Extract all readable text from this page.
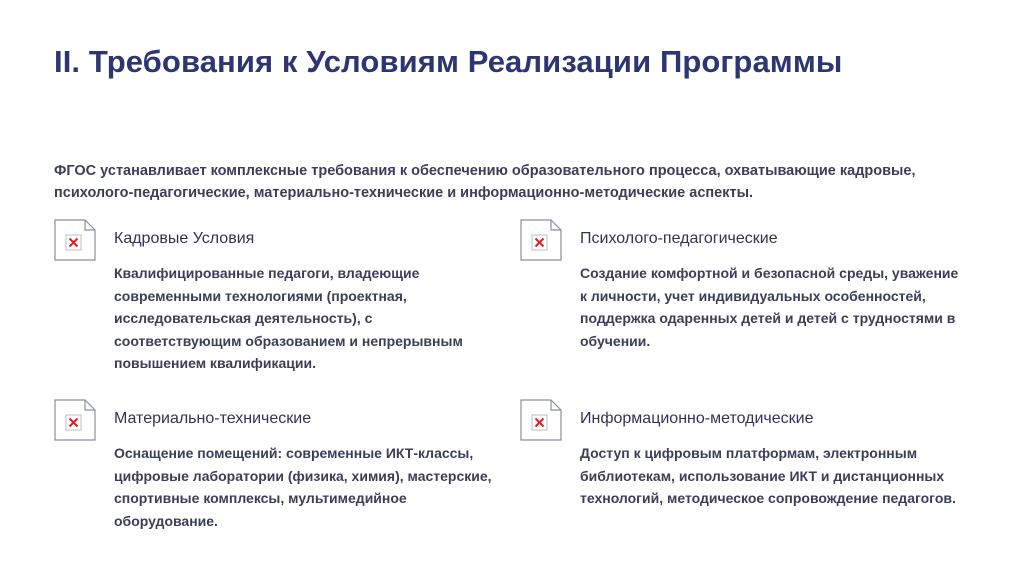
II. Требования к Условиям Реализации Программы
ФГОС устанавливает комплексные требования к обеспечению образовательного процесса, охватывающие кадровые, психолого-педагогические, материально-технические и информационно-методические аспекты.
Кадровые Условия
Квалифицированные педагоги, владеющие современными технологиями (проектная, исследовательская деятельность), с соответствующим образованием и непрерывным повышением квалификации.
Психолого-педагогические
Создание комфортной и безопасной среды, уважение к личности, учет индивидуальных особенностей, поддержка одаренных детей и детей с трудностями в обучении.
Материально-технические
Оснащение помещений: современные ИКТ-классы, цифровые лаборатории (физика, химия), мастерские, спортивные комплексы, мультимедийное оборудование.
Информационно-методические
Доступ к цифровым платформам, электронным библиотекам, использование ИКТ и дистанционных технологий, методическое сопровождение педагогов.
